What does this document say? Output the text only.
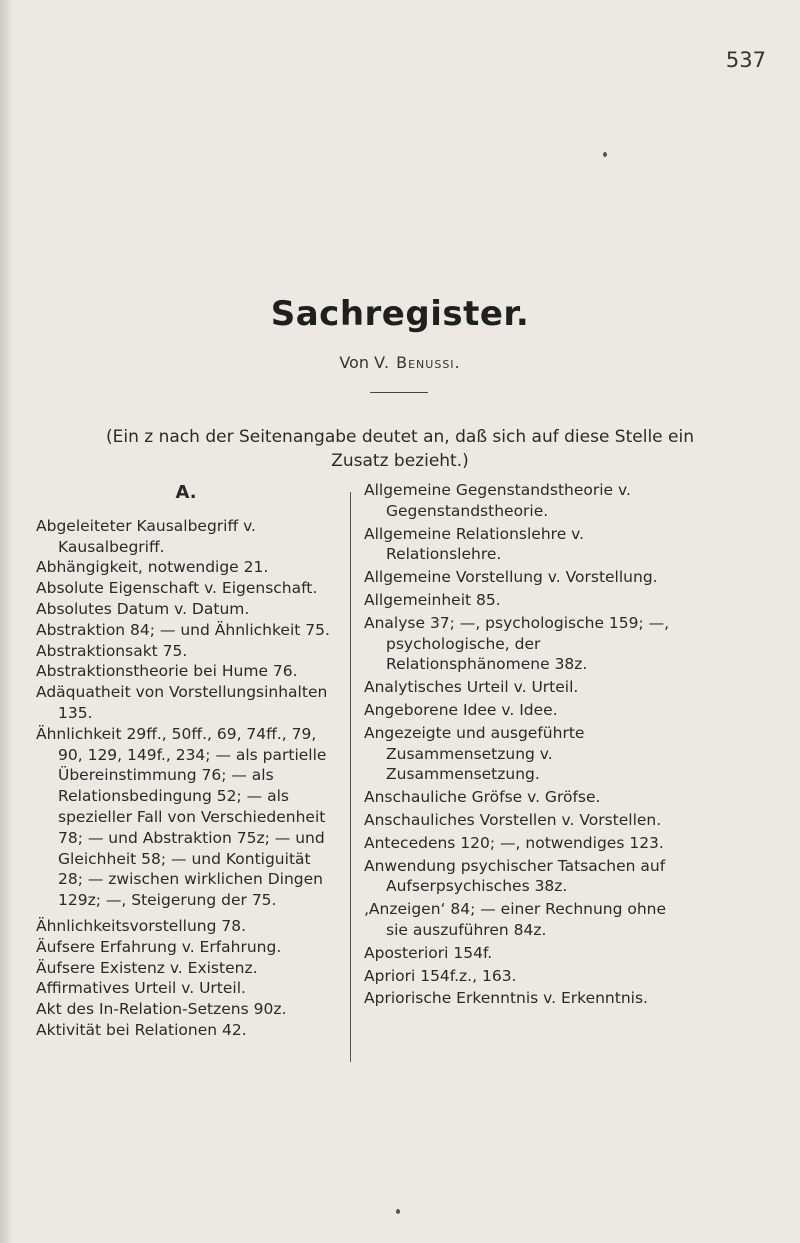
537
Sachregister.
Von V. Benussi.
(Ein z nach der Seitenangabe deutet an, daß sich auf diese Stelle ein
Zusatz bezieht.)
A.

Abgeleiteter Kausalbegriff v. Kausalbegriff.

Abhängigkeit, notwendige 21.

Absolute Eigenschaft v. Eigenschaft.

Absolutes Datum v. Datum.

Abstraktion 84; — und Ähnlichkeit 75.

Abstraktionsakt 75.

Abstraktionstheorie bei Hume 76.

Adäquatheit von Vorstellungsinhalten 135.

Ähnlichkeit 29ff., 50ff., 69, 74ff., 79, 90, 129, 149f., 234; — als partielle Übereinstimmung 76; — als Relationsbedingung 52; — als spezieller Fall von Verschiedenheit 78; — und Abstraktion 75z; — und Gleichheit 58; — und Kontiguität 28; — zwischen wirklichen Dingen 129z; —, Steigerung der 75.

Ähnlichkeitsvorstellung 78.

Äufsere Erfahrung v. Erfahrung.

Äufsere Existenz v. Existenz.

Affirmatives Urteil v. Urteil.

Akt des In-Relation-Setzens 90z.

Aktivität bei Relationen 42.

Allgemeine Gegenstandstheorie v. Gegenstandstheorie.

Allgemeine Relationslehre v. Relationslehre.

Allgemeine Vorstellung v. Vorstellung.

Allgemeinheit 85.

Analyse 37; —, psychologische 159; —, psychologische, der Relationsphänomene 38z.

Analytisches Urteil v. Urteil.

Angeborene Idee v. Idee.

Angezeigte und ausgeführte Zusammensetzung v. Zusammensetzung.

Anschauliche Gröfse v. Gröfse.

Anschauliches Vorstellen v. Vorstellen.

Antecedens 120; —, notwendiges 123.

Anwendung psychischer Tatsachen auf Aufserpsychisches 38z.

‚Anzeigen‘ 84; — einer Rechnung ohne sie auszuführen 84z.

Aposteriori 154f.

Apriori 154f.z., 163.

Apriorische Erkenntnis v. Erkenntnis.
